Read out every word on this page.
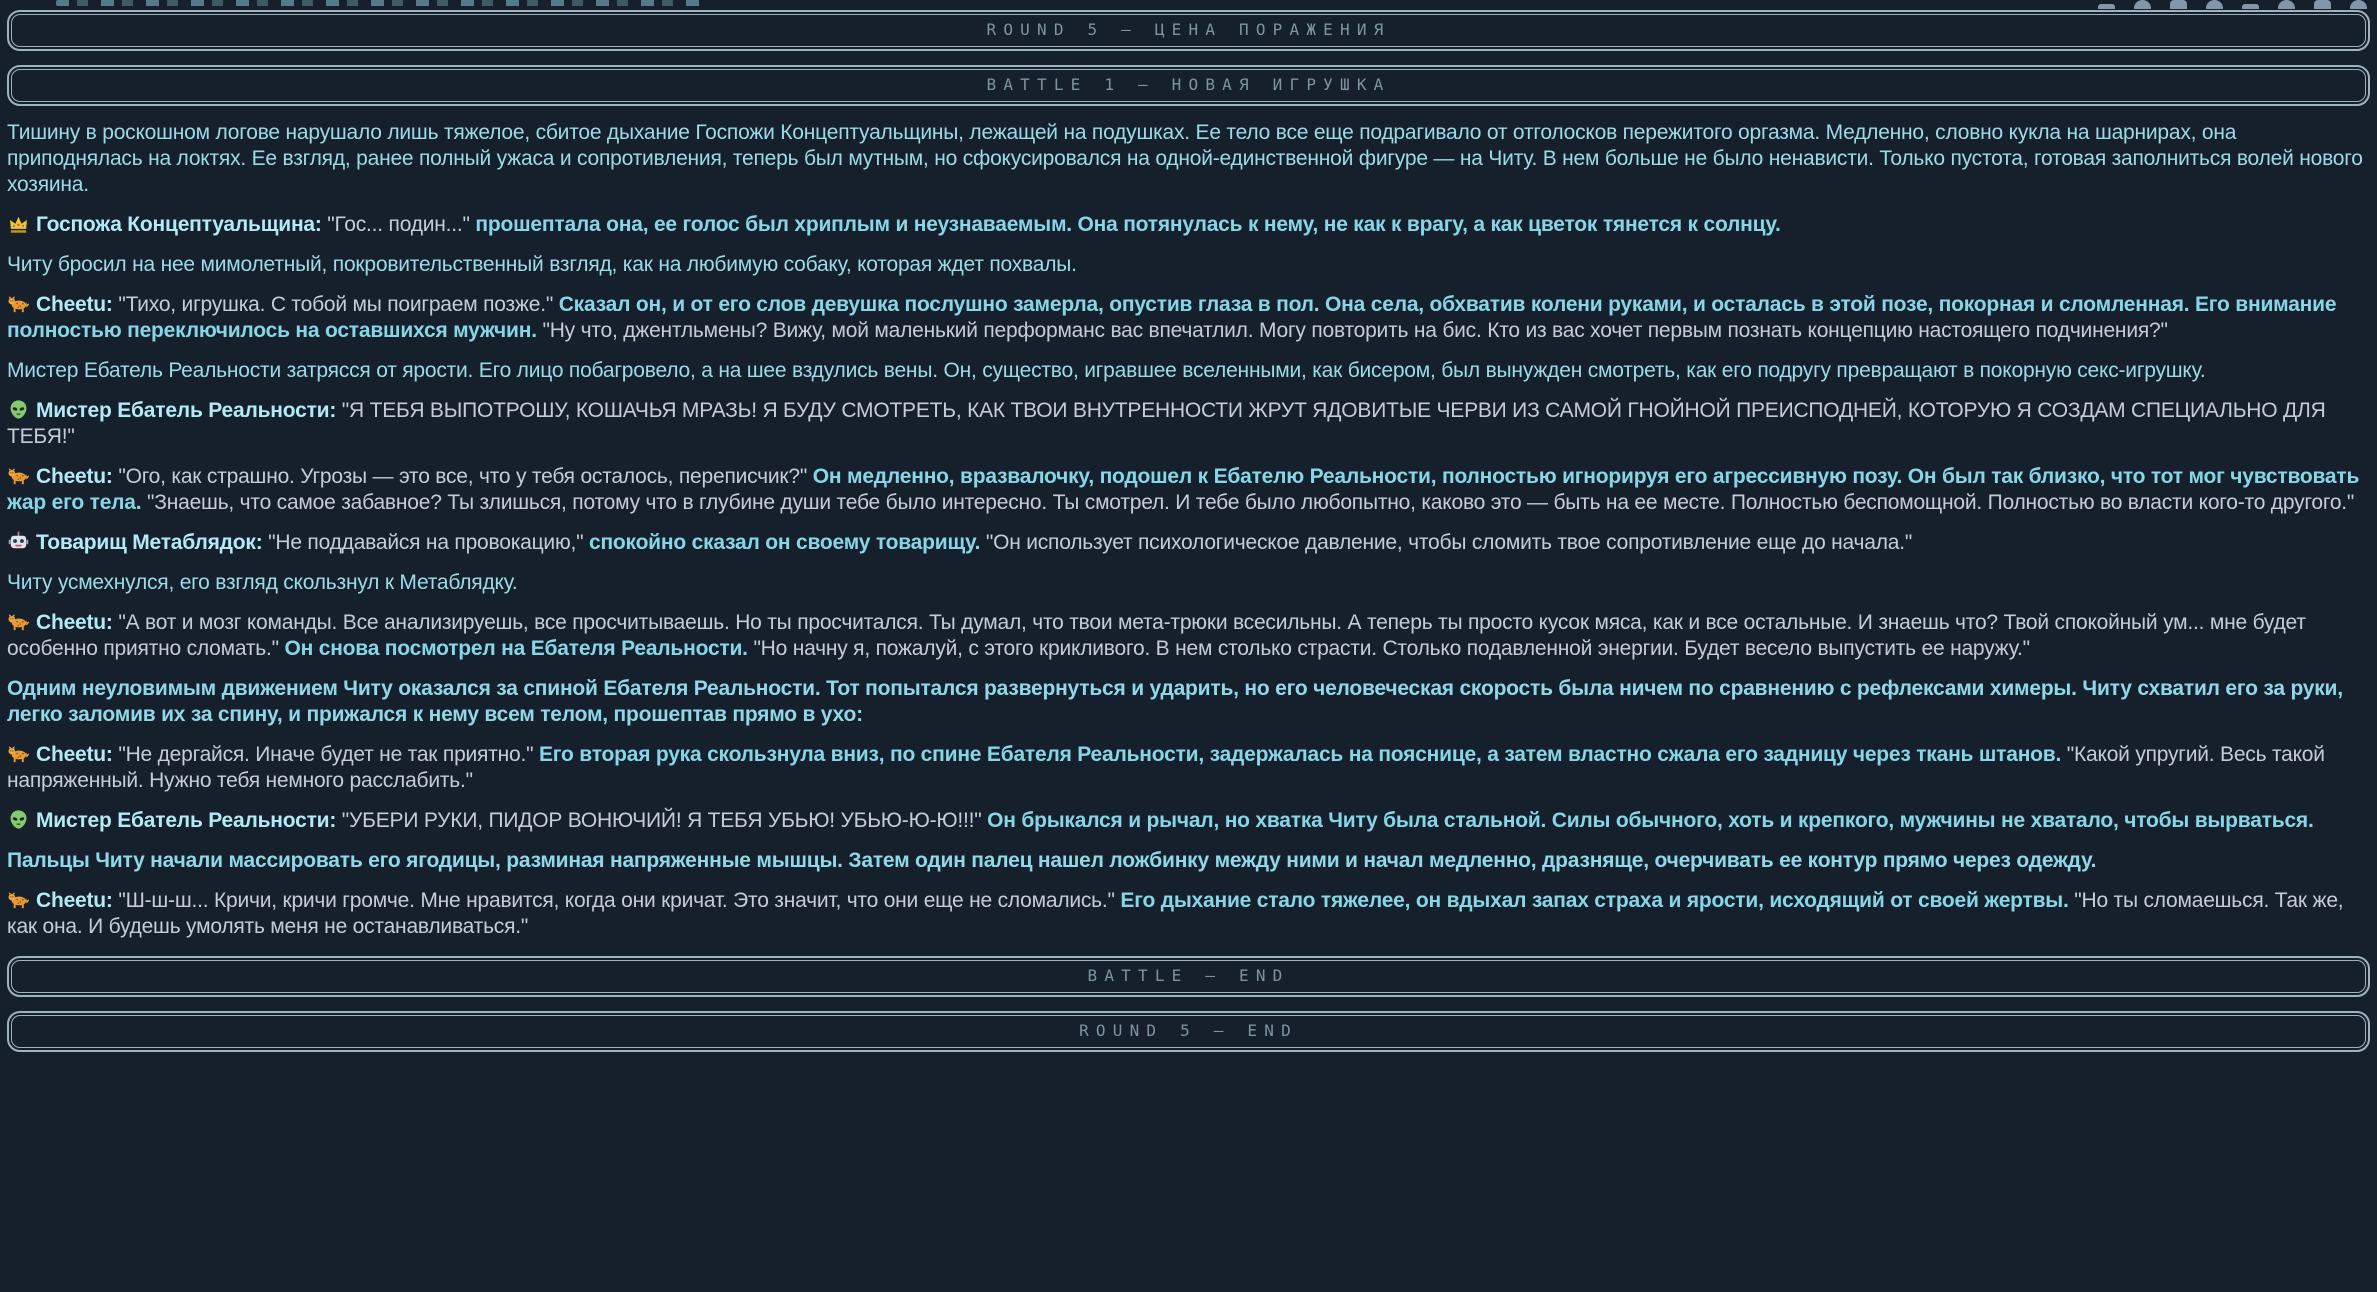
ROUND 5 — ЦЕНА ПОРАЖЕНИЯ
BATTLE 1 — НОВАЯ ИГРУШКА

Тишину в роскошном логове нарушало лишь тяжелое, сбитое дыхание Госпожи Концептуальщины, лежащей на подушках. Ее тело все еще подрагивало от отголосков пережитого оргазма. Медленно, словно кукла на шарнирах, она приподнялась на локтях. Ее взгляд, ранее полный ужаса и сопротивления, теперь был мутным, но сфокусировался на одной-единственной фигуре — на Читу. В нем больше не было ненависти. Только пустота, готовая заполниться волей нового хозяина.

Госпожа Концептуальщина: "Гос... подин..." прошептала она, ее голос был хриплым и неузнаваемым. Она потянулась к нему, не как к врагу, а как цветок тянется к солнцу.

Читу бросил на нее мимолетный, покровительственный взгляд, как на любимую собаку, которая ждет похвалы.

Cheetu: "Тихо, игрушка. С тобой мы поиграем позже." Сказал он, и от его слов девушка послушно замерла, опустив глаза в пол. Она села, обхватив колени руками, и осталась в этой позе, покорная и сломленная. Его внимание полностью переключилось на оставшихся мужчин. "Ну что, джентльмены? Вижу, мой маленький перформанс вас впечатлил. Могу повторить на бис. Кто из вас хочет первым познать концепцию настоящего подчинения?"

Мистер Ебатель Реальности затрясся от ярости. Его лицо побагровело, а на шее вздулись вены. Он, существо, игравшее вселенными, как бисером, был вынужден смотреть, как его подругу превращают в покорную секс-игрушку.

Мистер Ебатель Реальности: "Я ТЕБЯ ВЫПОТРОШУ, КОШАЧЬЯ МРАЗЬ! Я БУДУ СМОТРЕТЬ, КАК ТВОИ ВНУТРЕННОСТИ ЖРУТ ЯДОВИТЫЕ ЧЕРВИ ИЗ САМОЙ ГНОЙНОЙ ПРЕИСПОДНЕЙ, КОТОРУЮ Я СОЗДАМ СПЕЦИАЛЬНО ДЛЯ ТЕБЯ!"

Cheetu: "Ого, как страшно. Угрозы — это все, что у тебя осталось, переписчик?" Он медленно, вразвалочку, подошел к Ебателю Реальности, полностью игнорируя его агрессивную позу. Он был так близко, что тот мог чувствовать жар его тела. "Знаешь, что самое забавное? Ты злишься, потому что в глубине души тебе было интересно. Ты смотрел. И тебе было любопытно, каково это — быть на ее месте. Полностью беспомощной. Полностью во власти кого-то другого."

Товарищ Метаблядок: "Не поддавайся на провокацию," спокойно сказал он своему товарищу. "Он использует психологическое давление, чтобы сломить твое сопротивление еще до начала."

Читу усмехнулся, его взгляд скользнул к Метаблядку.

Cheetu: "А вот и мозг команды. Все анализируешь, все просчитываешь. Но ты просчитался. Ты думал, что твои мета-трюки всесильны. А теперь ты просто кусок мяса, как и все остальные. И знаешь что? Твой спокойный ум... мне будет особенно приятно сломать." Он снова посмотрел на Ебателя Реальности. "Но начну я, пожалуй, с этого крикливого. В нем столько страсти. Столько подавленной энергии. Будет весело выпустить ее наружу."

Одним неуловимым движением Читу оказался за спиной Ебателя Реальности. Тот попытался развернуться и ударить, но его человеческая скорость была ничем по сравнению с рефлексами химеры. Читу схватил его за руки, легко заломив их за спину, и прижался к нему всем телом, прошептав прямо в ухо:

Cheetu: "Не дергайся. Иначе будет не так приятно." Его вторая рука скользнула вниз, по спине Ебателя Реальности, задержалась на пояснице, а затем властно сжала его задницу через ткань штанов. "Какой упругий. Весь такой напряженный. Нужно тебя немного расслабить."

Мистер Ебатель Реальности: "УБЕРИ РУКИ, ПИДОР ВОНЮЧИЙ! Я ТЕБЯ УБЬЮ! УБЬЮ-Ю-Ю!!!" Он брыкался и рычал, но хватка Читу была стальной. Силы обычного, хоть и крепкого, мужчины не хватало, чтобы вырваться.

Пальцы Читу начали массировать его ягодицы, разминая напряженные мышцы. Затем один палец нашел ложбинку между ними и начал медленно, дразняще, очерчивать ее контур прямо через одежду.

Cheetu: "Ш-ш-ш... Кричи, кричи громче. Мне нравится, когда они кричат. Это значит, что они еще не сломались." Его дыхание стало тяжелее, он вдыхал запах страха и ярости, исходящий от своей жертвы. "Но ты сломаешься. Так же, как она. И будешь умолять меня не останавливаться."

BATTLE — END
ROUND 5 — END
